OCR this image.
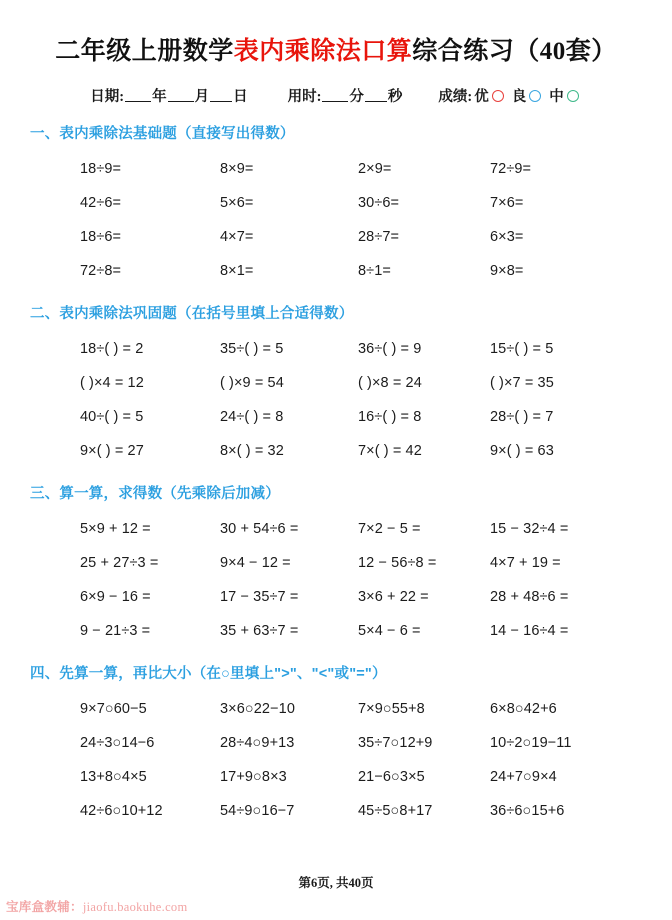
二年级上册数学表内乘除法口算综合练习（40套）
日期: 年 月 日	用时: 分 秒 成绩: 优 良 中
一、表内乘除法基础题（直接写出得数）
18÷9=	8×9=	2×9=	72÷9=
42÷6=	5×6=	30÷6=	7×6=
18÷6=	4×7=	28÷7=	6×3=
72÷8=	8×1=	8÷1=	9×8=
二、表内乘除法巩固题（在括号里填上合适得数）
18÷( ) = 2	35÷( ) = 5	36÷( ) = 9	15÷( ) = 5
( )×4 = 12	( )×9 = 54	( )×8 = 24	( )×7 = 35
40÷( ) = 5	24÷( ) = 8	16÷( ) = 8	28÷( ) = 7
9×( ) = 27	8×( ) = 32	7×( ) = 42	9×( ) = 63
三、算一算，求得数（先乘除后加减）
5×9 + 12 =	30 + 54÷6 =	7×2 − 5 =	15 − 32÷4 =
25 + 27÷3 =	9×4 − 12 =	12 − 56÷8 =	4×7 + 19 =
6×9 − 16 =	17 − 35÷7 =	3×6 + 22 =	28 + 48÷6 =
9 − 21÷3 =	35 + 63÷7 =	5×4 − 6 =	14 − 16÷4 =
四、先算一算，再比大小（在○里填上">"、"<"或"="）
9×7○60−5	3×6○22−10	7×9○55+8	6×8○42+6
24÷3○14−6	28÷4○9+13	35÷7○12+9	10÷2○19−11
13+8○4×5	17+9○8×3	21−6○3×5	24+7○9×4
42÷6○10+12	54÷9○16−7	45÷5○8+17	36÷6○15+6
第6页, 共40页
宝库盒教辅：jiaofu.baokuhe.com
